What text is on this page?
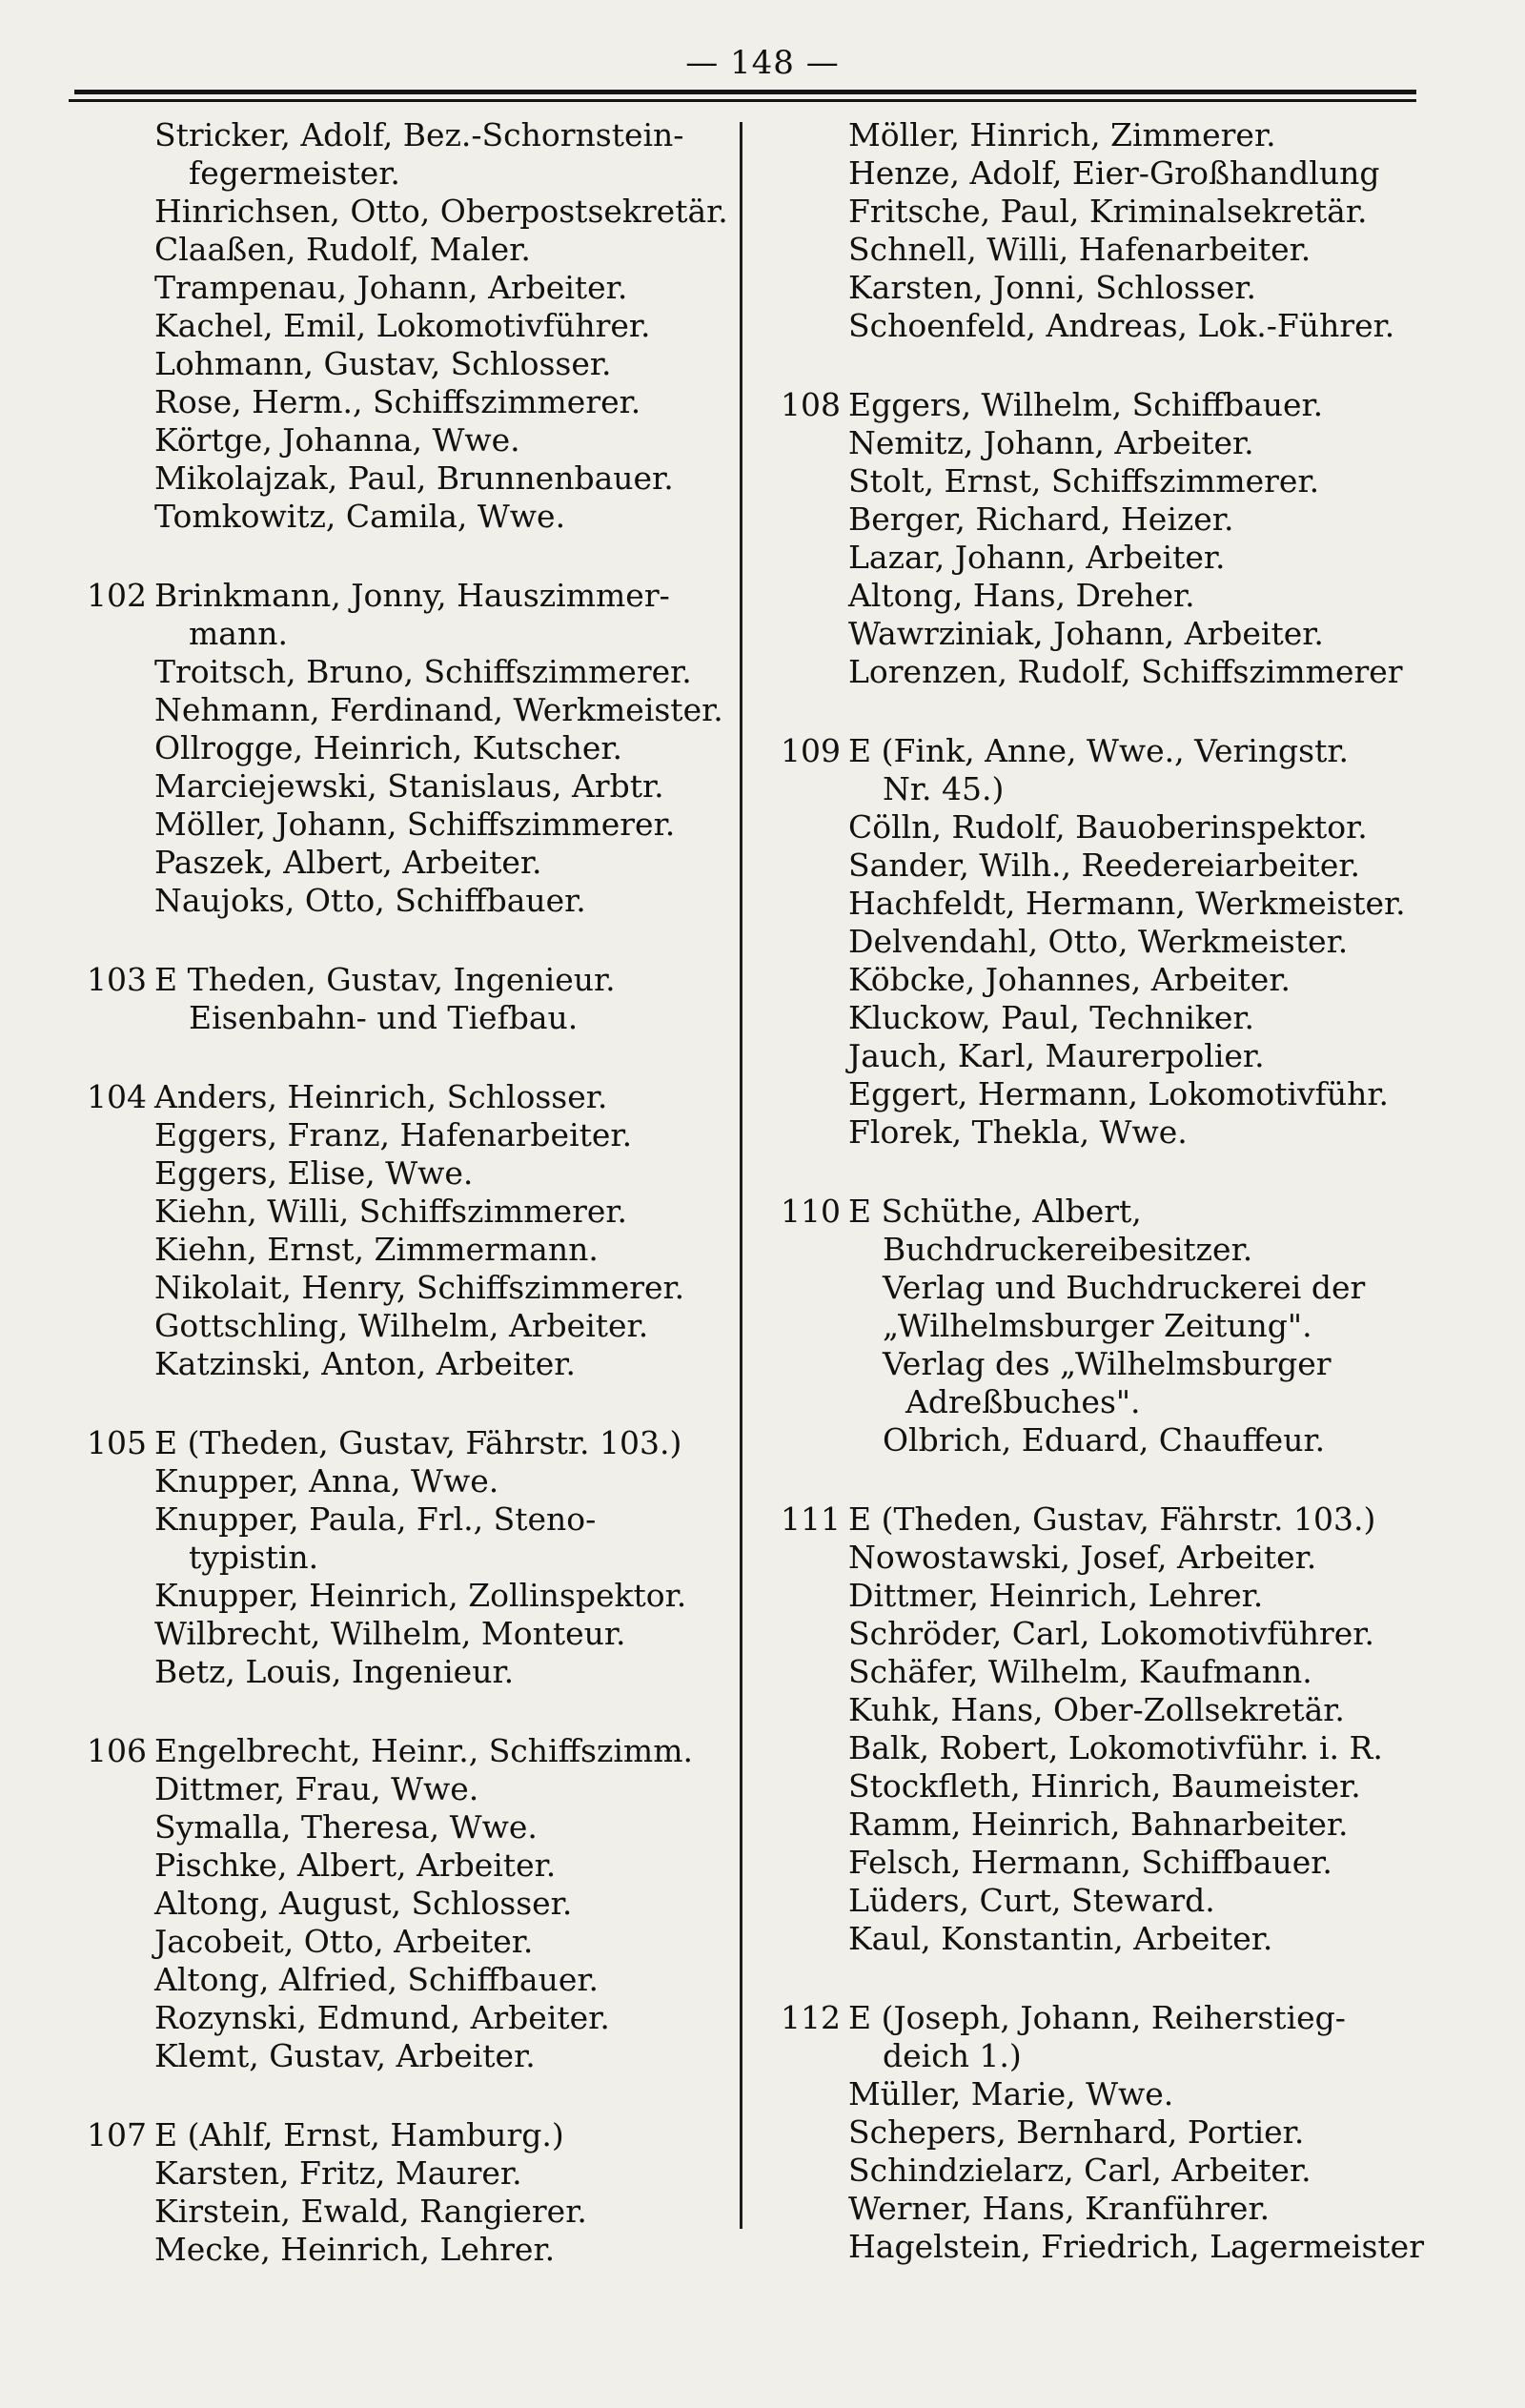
— 148 —
Stricker, Adolf, Bez.-Schornstein-
fegermeister.
Hinrichsen, Otto, Oberpostsekretär.
Claaßen, Rudolf, Maler.
Trampenau, Johann, Arbeiter.
Kachel, Emil, Lokomotivführer.
Lohmann, Gustav, Schlosser.
Rose, Herm., Schiffszimmerer.
Körtge, Johanna, Wwe.
Mikolajzak, Paul, Brunnenbauer.
Tomkowitz, Camila, Wwe.
102 Brinkmann, Jonny, Hauszimmer-
mann.
Troitsch, Bruno, Schiffszimmerer.
Nehmann, Ferdinand, Werkmeister.
Ollrogge, Heinrich, Kutscher.
Marciejewski, Stanislaus, Arbtr.
Möller, Johann, Schiffszimmerer.
Paszek, Albert, Arbeiter.
Naujoks, Otto, Schiffbauer.
103 E Theden, Gustav, Ingenieur.
Eisenbahn- und Tiefbau.
104 Anders, Heinrich, Schlosser.
Eggers, Franz, Hafenarbeiter.
Eggers, Elise, Wwe.
Kiehn, Willi, Schiffszimmerer.
Kiehn, Ernst, Zimmermann.
Nikolait, Henry, Schiffszimmerer.
Gottschling, Wilhelm, Arbeiter.
Katzinski, Anton, Arbeiter.
105 E (Theden, Gustav, Fährstr. 103.)
Knupper, Anna, Wwe.
Knupper, Paula, Frl., Steno-
typistin.
Knupper, Heinrich, Zollinspektor.
Wilbrecht, Wilhelm, Monteur.
Betz, Louis, Ingenieur.
106 Engelbrecht, Heinr., Schiffszimm.
Dittmer, Frau, Wwe.
Symalla, Theresa, Wwe.
Pischke, Albert, Arbeiter.
Altong, August, Schlosser.
Jacobeit, Otto, Arbeiter.
Altong, Alfried, Schiffbauer.
Rozynski, Edmund, Arbeiter.
Klemt, Gustav, Arbeiter.
107 E (Ahlf, Ernst, Hamburg.)
Karsten, Fritz, Maurer.
Kirstein, Ewald, Rangierer.
Mecke, Heinrich, Lehrer.
Möller, Hinrich, Zimmerer.
Henze, Adolf, Eier-Großhandlung
Fritsche, Paul, Kriminalsekretär.
Schnell, Willi, Hafenarbeiter.
Karsten, Jonni, Schlosser.
Schoenfeld, Andreas, Lok.-Führer.
108 Eggers, Wilhelm, Schiffbauer.
Nemitz, Johann, Arbeiter.
Stolt, Ernst, Schiffszimmerer.
Berger, Richard, Heizer.
Lazar, Johann, Arbeiter.
Altong, Hans, Dreher.
Wawrziniak, Johann, Arbeiter.
Lorenzen, Rudolf, Schiffszimmerer
109 E (Fink, Anne, Wwe., Veringstr.
Nr. 45.)
Cölln, Rudolf, Bauoberinspektor.
Sander, Wilh., Reedereiarbeiter.
Hachfeldt, Hermann, Werkmeister.
Delvendahl, Otto, Werkmeister.
Köbcke, Johannes, Arbeiter.
Kluckow, Paul, Techniker.
Jauch, Karl, Maurerpolier.
Eggert, Hermann, Lokomotivführ.
Florek, Thekla, Wwe.
110 E Schüthe, Albert,
Buchdruckereibesitzer.
Verlag und Buchdruckerei der
„Wilhelmsburger Zeitung".
Verlag des „Wilhelmsburger
Adreßbuches".
Olbrich, Eduard, Chauffeur.
111 E (Theden, Gustav, Fährstr. 103.)
Nowostawski, Josef, Arbeiter.
Dittmer, Heinrich, Lehrer.
Schröder, Carl, Lokomotivführer.
Schäfer, Wilhelm, Kaufmann.
Kuhk, Hans, Ober-Zollsekretär.
Balk, Robert, Lokomotivführ. i. R.
Stockfleth, Hinrich, Baumeister.
Ramm, Heinrich, Bahnarbeiter.
Felsch, Hermann, Schiffbauer.
Lüders, Curt, Steward.
Kaul, Konstantin, Arbeiter.
112 E (Joseph, Johann, Reiherstieg-
deich 1.)
Müller, Marie, Wwe.
Schepers, Bernhard, Portier.
Schindzielarz, Carl, Arbeiter.
Werner, Hans, Kranführer.
Hagelstein, Friedrich, Lagermeister
